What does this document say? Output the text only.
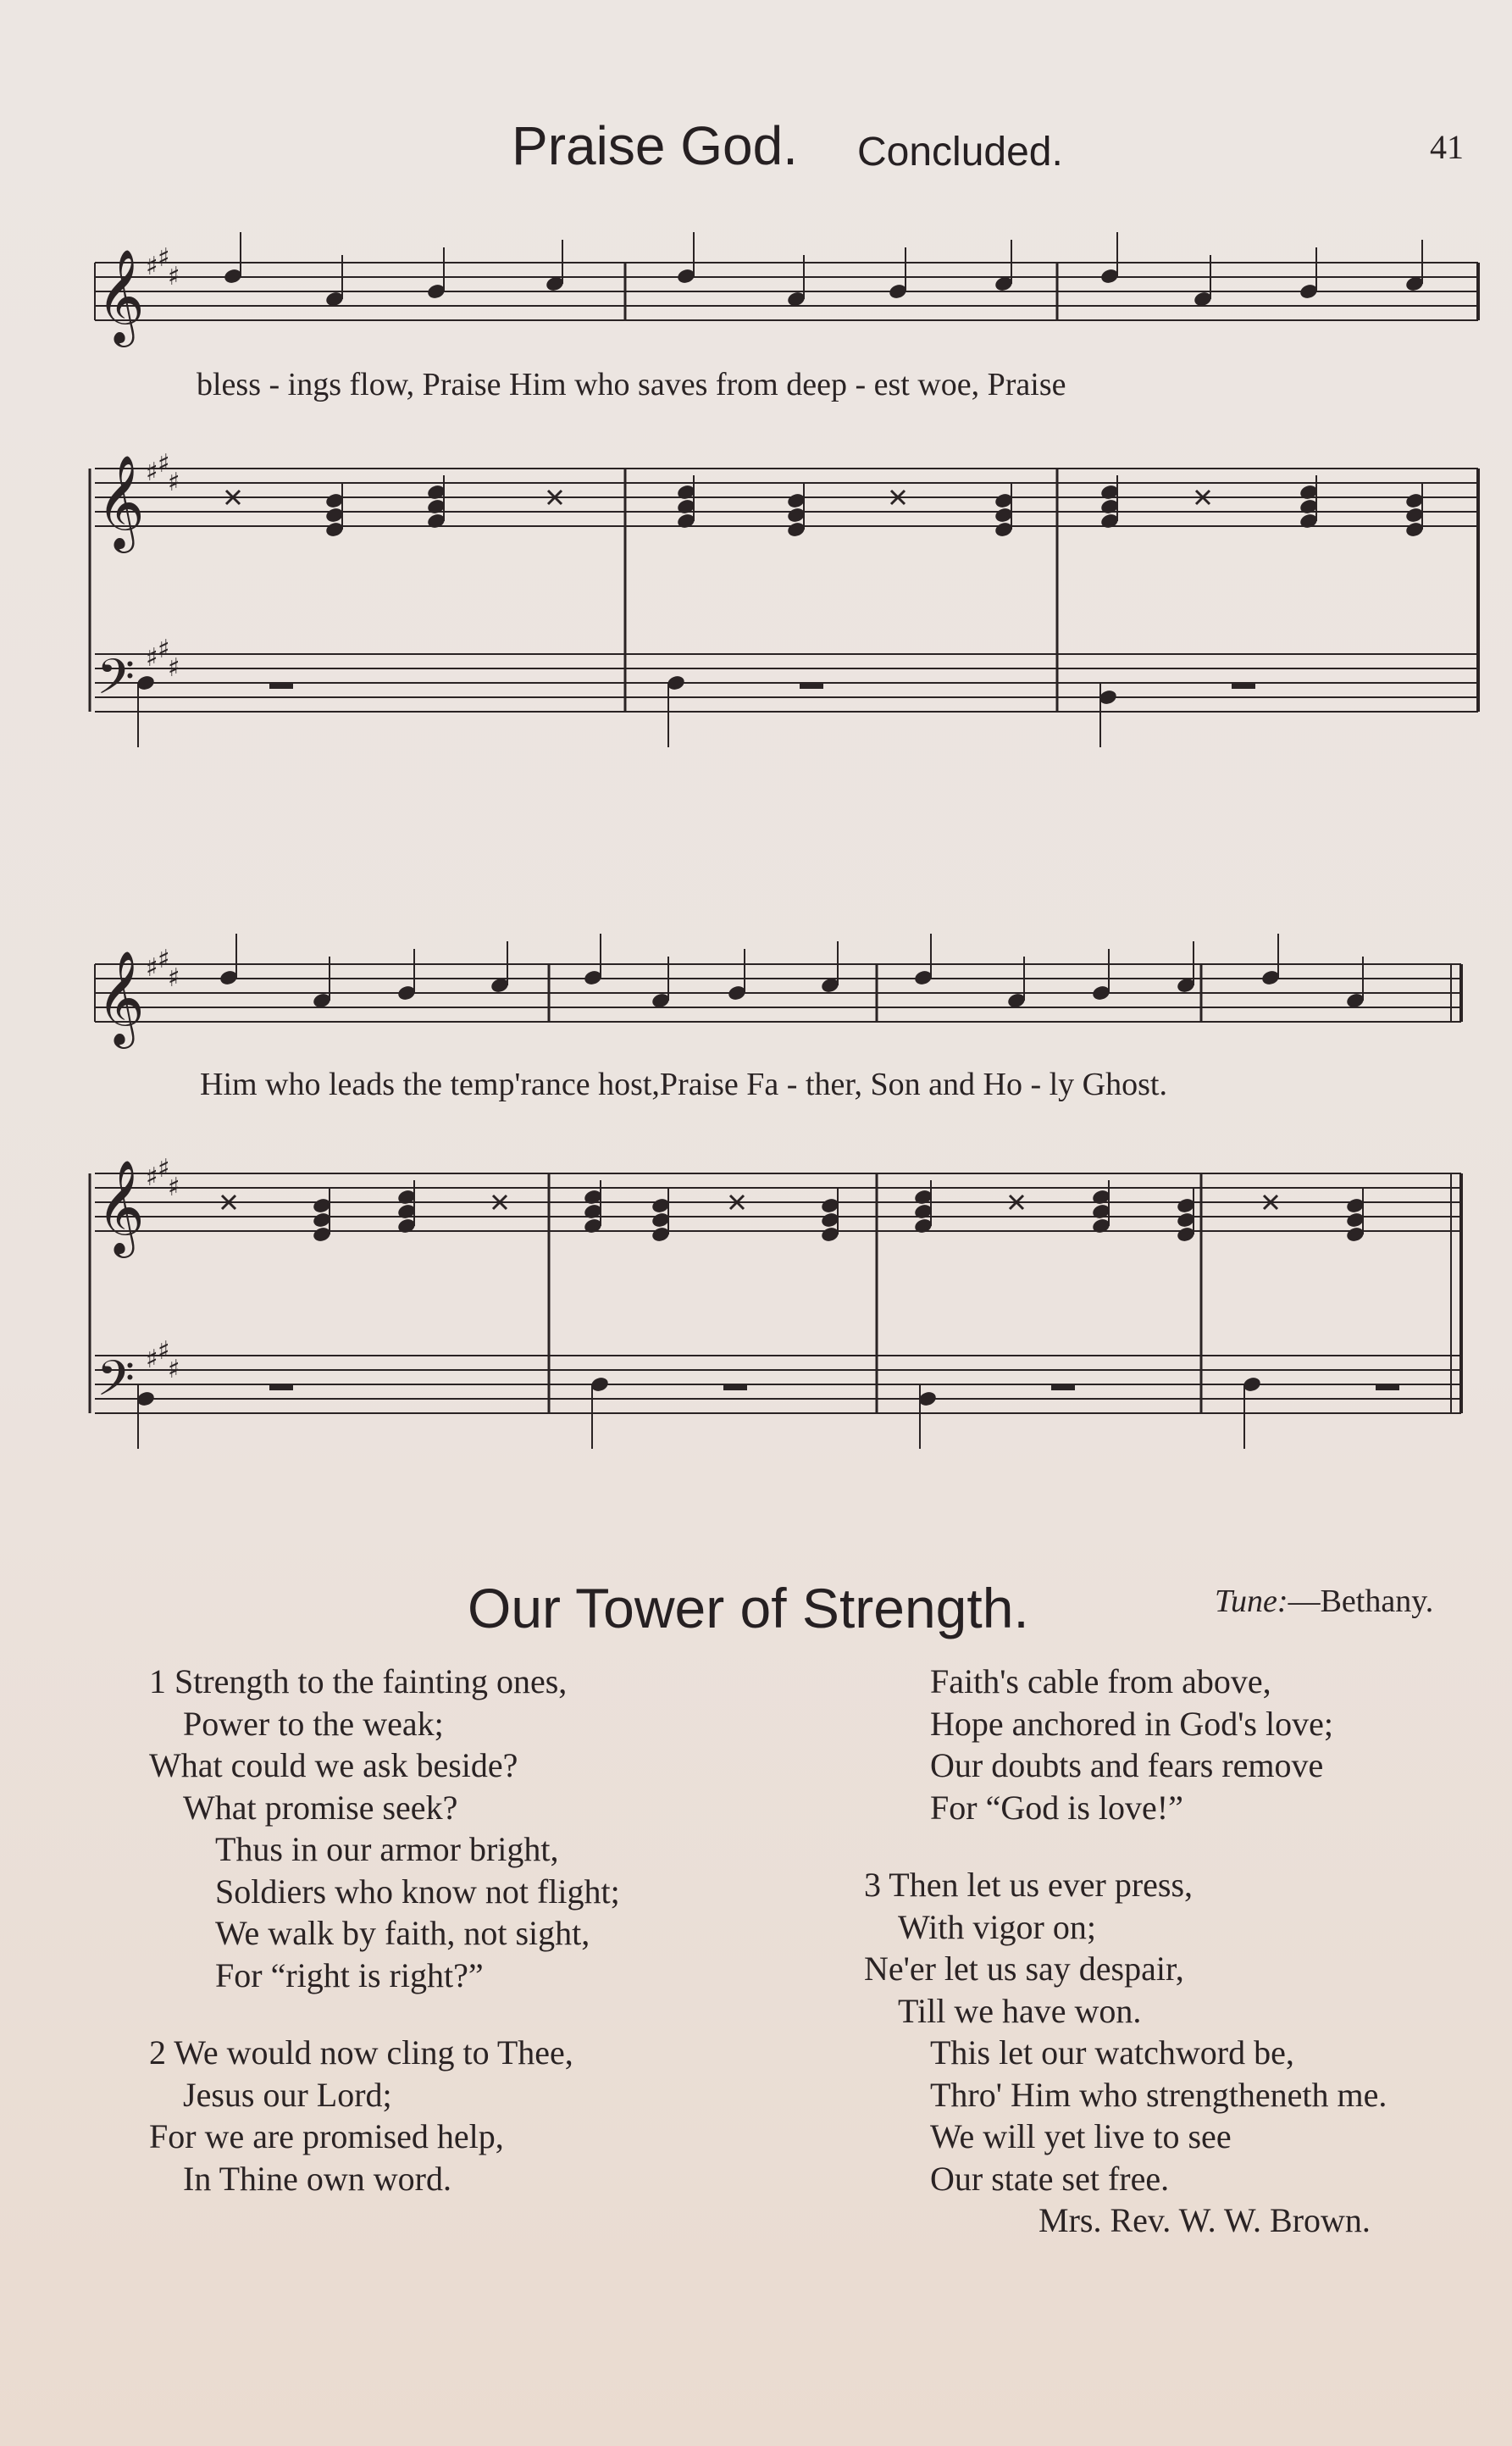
Praise God. Concluded.	41
𝄞 ♯ ♯
♯
𝄞 ♯ ♯
♯
𝄢 ♯ ♯
♯
𝄞 ♯ ♯
♯
𝄞 ♯ ♯
♯
𝄢 ♯ ♯
♯
bless - ings flow, Praise Him who saves from deep - est woe, Praise
Him who leads the temp'rance host,Praise Fa - ther, Son and Ho - ly Ghost.
Our Tower of Strength.	Tune:—Bethany.
1 Strength to the fainting ones,
Power to the weak;
What could we ask beside?
What promise seek?
Thus in our armor bright,
Soldiers who know not flight;
We walk by faith, not sight,
For “right is right?”
2 We would now cling to Thee,
Jesus our Lord;
For we are promised help,
In Thine own word.
Faith's cable from above,
Hope anchored in God's love;
Our doubts and fears remove
For “God is love!”
3 Then let us ever press,
With vigor on;
Ne'er let us say despair,
Till we have won.
This let our watchword be,
Thro' Him who strengtheneth me.
We will yet live to see
Our state set free.
Mrs. Rev. W. W. Brown.
